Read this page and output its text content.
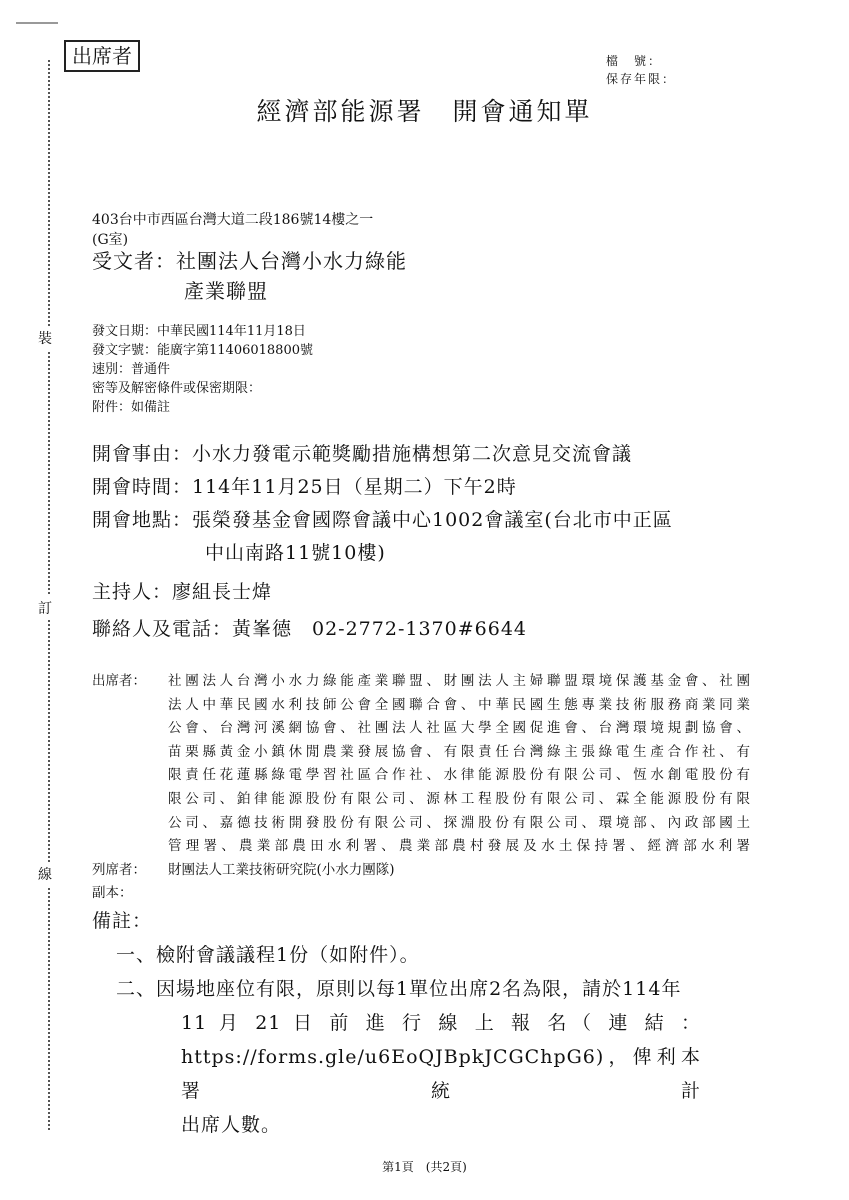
裝
訂
線
出席者	檔　號：
保存年限：
經濟部能源署　開會通知單
403台中市西區台灣大道二段186號14樓之一
(G室)
受文者：社團法人台灣小水力綠能
產業聯盟
發文日期：中華民國114年11月18日
發文字號：能廣字第11406018800號
速別：普通件
密等及解密條件或保密期限：
附件：如備註
開會事由：小水力發電示範獎勵措施構想第二次意見交流會議
開會時間：114年11月25日（星期二）下午2時
開會地點：張榮發基金會國際會議中心1002會議室(台北市中正區
中山南路11號10樓)
主持人：廖組長士煒
聯絡人及電話：黃峯德　02-2772-1370#6644
出席者： 社團法人台灣小水力綠能產業聯盟、財團法人主婦聯盟環境保護基金會、社團
法人中華民國水利技師公會全國聯合會、中華民國生態專業技術服務商業同業
公會、台灣河溪網協會、社團法人社區大學全國促進會、台灣環境規劃協會、
苗栗縣黃金小鎮休閒農業發展協會、有限責任台灣綠主張綠電生產合作社、有
限責任花蓮縣綠電學習社區合作社、水律能源股份有限公司、恆水創電股份有
限公司、鉑律能源股份有限公司、源林工程股份有限公司、霖全能源股份有限
公司、嘉德技術開發股份有限公司、探淵股份有限公司、環境部、內政部國土
管理署、農業部農田水利署、農業部農村發展及水土保持署、經濟部水利署
列席者： 財團法人工業技術研究院(小水力團隊)
副本：
備註：
一、檢附會議議程1份（如附件）。
二、因場地座位有限，原則以每1單位出席2名為限，請於114年
11 月 21 日 前 進 行 線 上 報 名（ 連 結 ：
https://forms.gle/u6EoQJBpkJCGChpG6)，俾利本署統計
出席人數。
第1頁　(共2頁)
